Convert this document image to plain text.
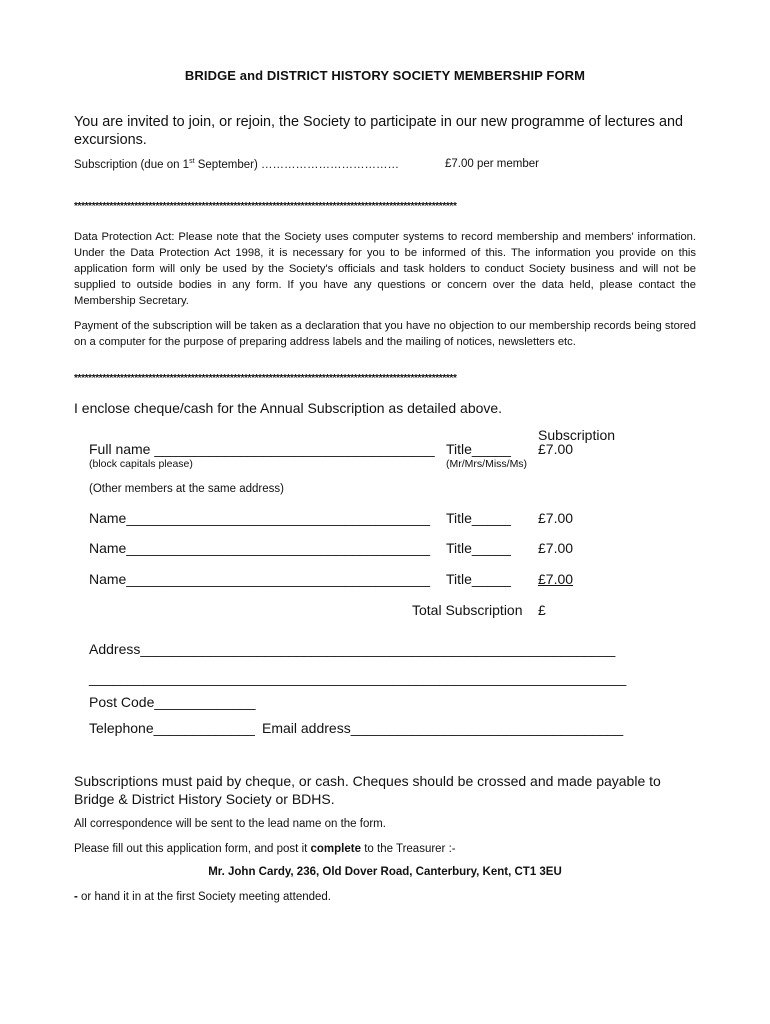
BRIDGE and DISTRICT HISTORY SOCIETY MEMBERSHIP FORM
You are invited to join, or rejoin, the Society to participate in our new programme of lectures and excursions.
Subscription (due on 1st September) ………………………………	£7.00 per member
************************************************************************************************************
Data Protection Act: Please note that the Society uses computer systems to record membership and members' information. Under the Data Protection Act 1998, it is necessary for you to be informed of this. The information you provide on this application form will only be used by the Society's officials and task holders to conduct Society business and will not be supplied to outside bodies in any form. If you have any questions or concern over the data held, please contact the Membership Secretary.
Payment of the subscription will be taken as a declaration that you have no objection to our membership records being stored on a computer for the purpose of preparing address labels and the mailing of notices, newsletters etc.
************************************************************************************************************
I enclose cheque/cash for the Annual Subscription as detailed above.
Subscription
Full name ____________________________________ Title_____ £7.00
(block capitals please)	(Mr/Mrs/Miss/Ms)
(Other members at the same address)
Name_______________________________________ Title_____ £7.00
Name_______________________________________ Title_____ £7.00
Name_______________________________________ Title_____ £7.00
Total Subscription £
Address_____________________________________________________________
_____________________________________________________________________
Post Code_____________
Telephone_____________ Email address___________________________________
Subscriptions must paid by cheque, or cash. Cheques should be crossed and made payable to Bridge & District History Society or BDHS.
All correspondence will be sent to the lead name on the form.
Please fill out this application form, and post it complete to the Treasurer :-
Mr. John Cardy, 236, Old Dover Road, Canterbury, Kent, CT1 3EU
- or hand it in at the first Society meeting attended.
